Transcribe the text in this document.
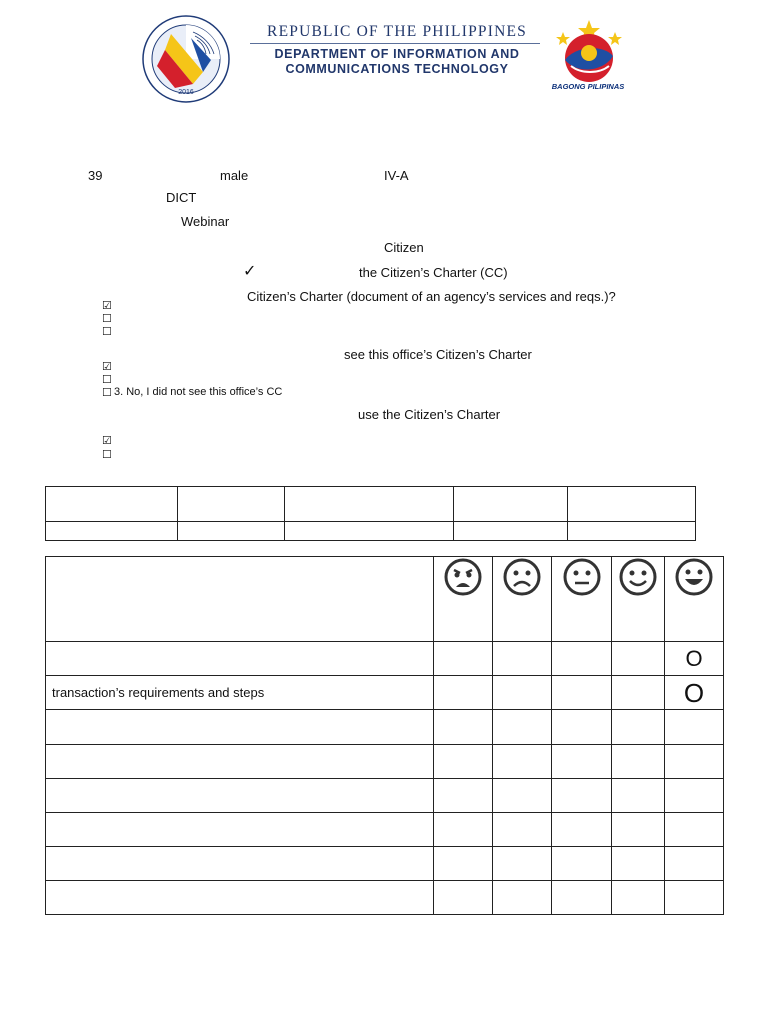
2016
REPUBLIC OF THE PHILIPPINES
DEPARTMENT OF INFORMATION AND
COMMUNICATIONS TECHNOLOGY
BAGONG PILIPINAS
39	male	IV-A
DICT
Webinar
Citizen
✓	the Citizen’s Charter (CC)
Citizen’s Charter (document of an agency’s services and reqs.)?
☑
☐
☐
see this office’s Citizen’s Charter
☑
☐
☐ 3. No, I did not see this office’s CC
use the Citizen’s Charter
☑
☐

					O
transaction’s requirements and steps					O
